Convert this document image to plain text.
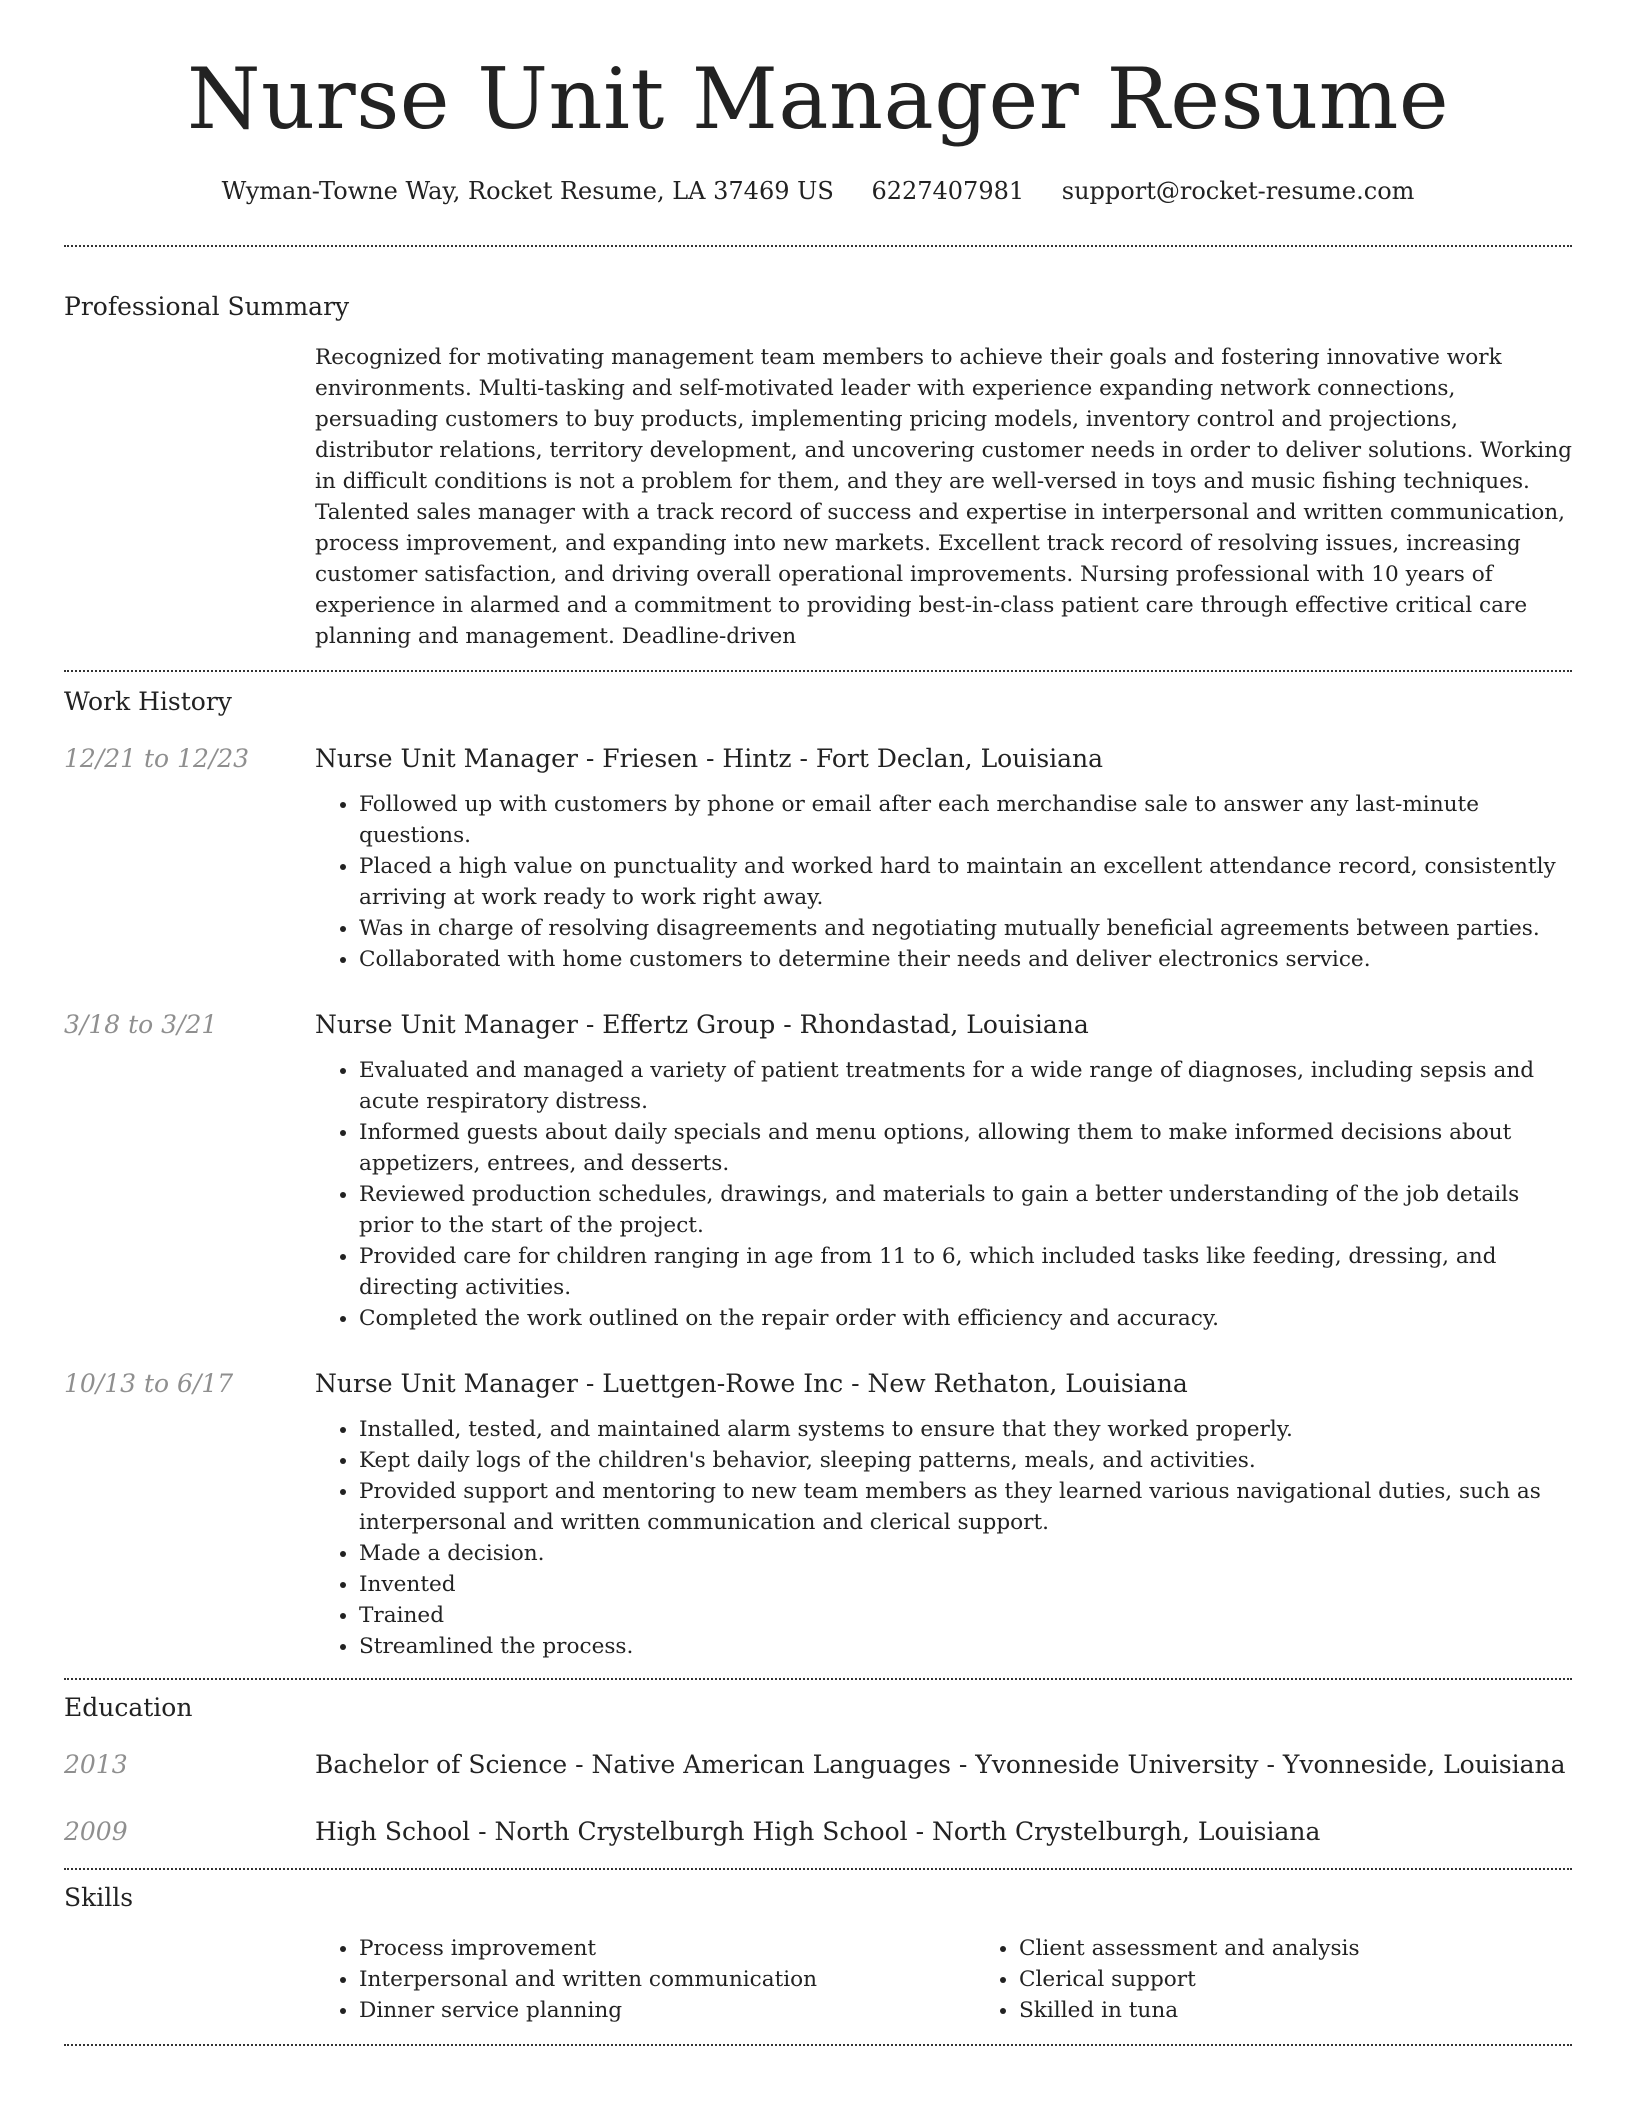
Nurse Unit Manager Resume
Wyman-Towne Way, Rocket Resume, LA 37469 US 6227407981 support@rocket-resume.com
Professional Summary

Recognized for motivating management team members to achieve their goals and fostering innovative work environments. Multi-tasking and self-motivated leader with experience expanding network connections, persuading customers to buy products, implementing pricing models, inventory control and projections, distributor relations, territory development, and uncovering customer needs in order to deliver solutions. Working in difficult conditions is not a problem for them, and they are well-versed in toys and music fishing techniques. Talented sales manager with a track record of success and expertise in interpersonal and written communication, process improvement, and expanding into new markets. Excellent track record of resolving issues, increasing customer satisfaction, and driving overall operational improvements. Nursing professional with 10 years of experience in alarmed and a commitment to providing best-in-class patient care through effective critical care planning and management. Deadline-driven

Work History
12/21 to 12/23	Nurse Unit Manager - Friesen - Hintz - Fort Declan, Louisiana
• Followed up with customers by phone or email after each merchandise sale to answer any last-minute questions.
• Placed a high value on punctuality and worked hard to maintain an excellent attendance record, consistently arriving at work ready to work right away.
• Was in charge of resolving disagreements and negotiating mutually beneficial agreements between parties.
• Collaborated with home customers to determine their needs and deliver electronics service.
3/18 to 3/21	Nurse Unit Manager - Effertz Group - Rhondastad, Louisiana
• Evaluated and managed a variety of patient treatments for a wide range of diagnoses, including sepsis and acute respiratory distress.
• Informed guests about daily specials and menu options, allowing them to make informed decisions about appetizers, entrees, and desserts.
• Reviewed production schedules, drawings, and materials to gain a better understanding of the job details prior to the start of the project.
• Provided care for children ranging in age from 11 to 6, which included tasks like feeding, dressing, and directing activities.
• Completed the work outlined on the repair order with efficiency and accuracy.
10/13 to 6/17	Nurse Unit Manager - Luettgen-Rowe Inc - New Rethaton, Louisiana
• Installed, tested, and maintained alarm systems to ensure that they worked properly.
• Kept daily logs of the children's behavior, sleeping patterns, meals, and activities.
• Provided support and mentoring to new team members as they learned various navigational duties, such as interpersonal and written communication and clerical support.
• Made a decision.
• Invented
• Trained
• Streamlined the process.
Education
2013	Bachelor of Science - Native American Languages - Yvonneside University - Yvonneside, Louisiana
2009	High School - North Crystelburgh High School - North Crystelburgh, Louisiana
Skills
• Process improvement
• Interpersonal and written communication
• Dinner service planning
• Client assessment and analysis
• Clerical support
• Skilled in tuna
